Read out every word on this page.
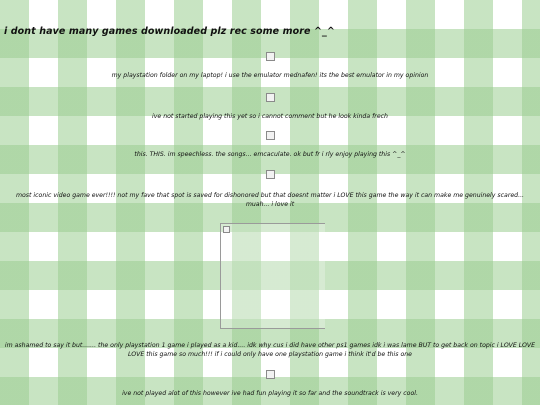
i dont have many games downloaded plz rec some more ^_^
my playstation folder on my laptop! i use the emulator mednafen! its the best emulator in my opinion
ive not started playing this yet so i cannot comment but he look kinda frech
this. THIS. im speechless. the songs... emcaculate. ok but fr i rly enjoy playing this ^_^
most iconic video game ever!!!! not my fave that spot is saved for dishonored but that doesnt matter i LOVE this game the way it can make me genuinely scared... muah... i love it
im ashamed to say it but....... the only playstation 1 game i played as a kid.... idk why cus i did have other ps1 games idk i was lame BUT to get back on topic i LOVE LOVE LOVE this game so much!!! if i could only have one playstation game i think it'd be this one
ive not played alot of this however ive had fun playing it so far and the soundtrack is very cool.
